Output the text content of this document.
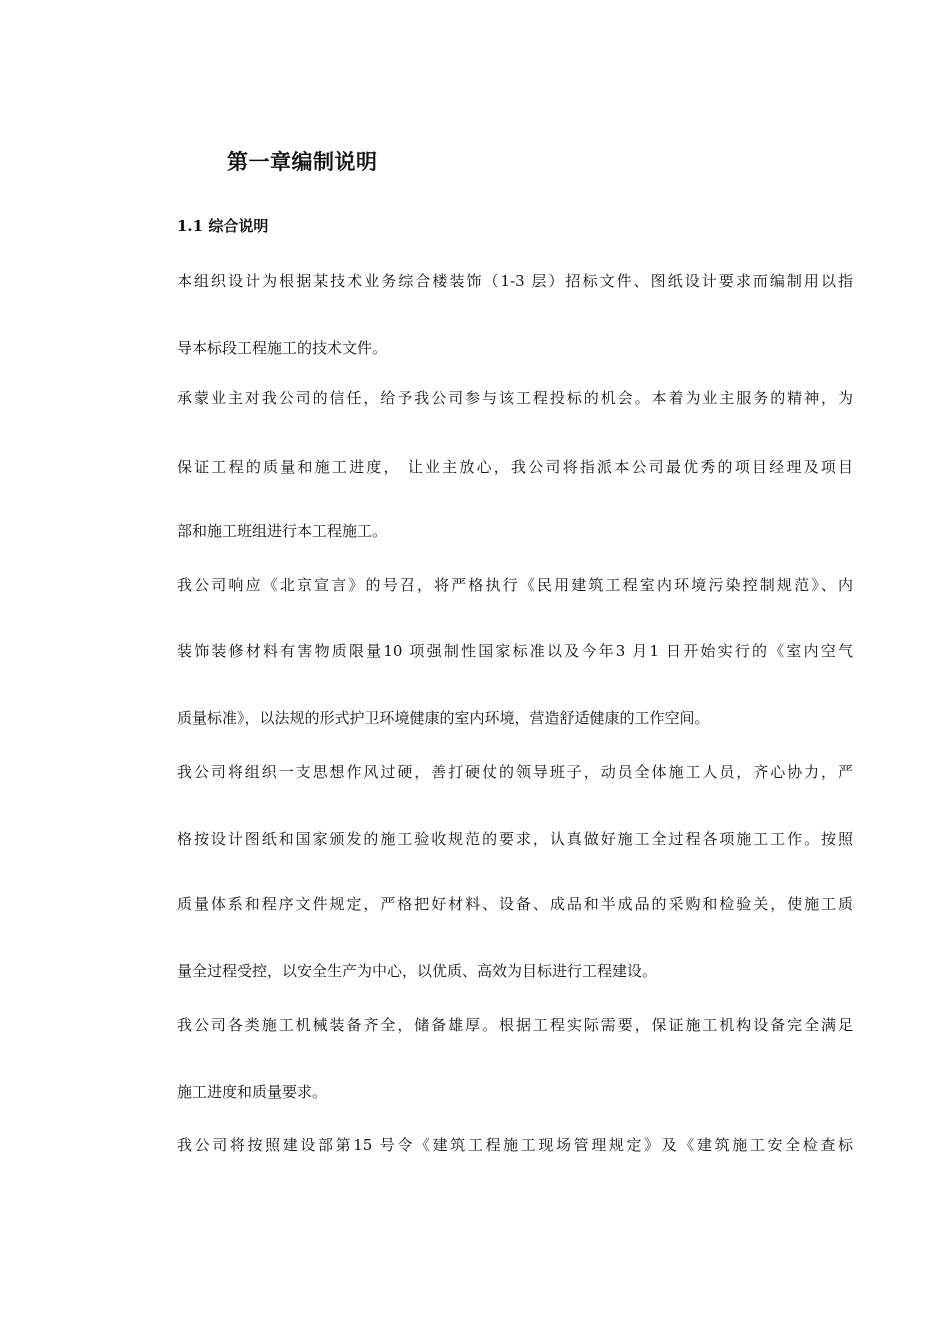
第一章编制说明
1.1 综合说明

本组织设计为根据某技术业务综合楼装饰（1-3 层）招标文件、图纸设计要求而编制用以指

导本标段工程施工的技术文件。

承蒙业主对我公司的信任，给予我公司参与该工程投标的机会。本着为业主服务的精神，为

保证工程的质量和施工进度， 让业主放心，我公司将指派本公司最优秀的项目经理及项目

部和施工班组进行本工程施工。

我公司响应《北京宣言》的号召，将严格执行《民用建筑工程室内环境污染控制规范》、内

装饰装修材料有害物质限量10 项强制性国家标准以及今年3 月1 日开始实行的《室内空气

质量标准》，以法规的形式护卫环境健康的室内环境，营造舒适健康的工作空间。

我公司将组织一支思想作风过硬，善打硬仗的领导班子，动员全体施工人员，齐心协力，严

格按设计图纸和国家颁发的施工验收规范的要求，认真做好施工全过程各项施工工作。按照

质量体系和程序文件规定，严格把好材料、设备、成品和半成品的采购和检验关，使施工质

量全过程受控，以安全生产为中心，以优质、高效为目标进行工程建设。

我公司各类施工机械装备齐全，储备雄厚。根据工程实际需要，保证施工机构设备完全满足

施工进度和质量要求。

我公司将按照建设部第15 号令《建筑工程施工现场管理规定》及《建筑施工安全检查标
